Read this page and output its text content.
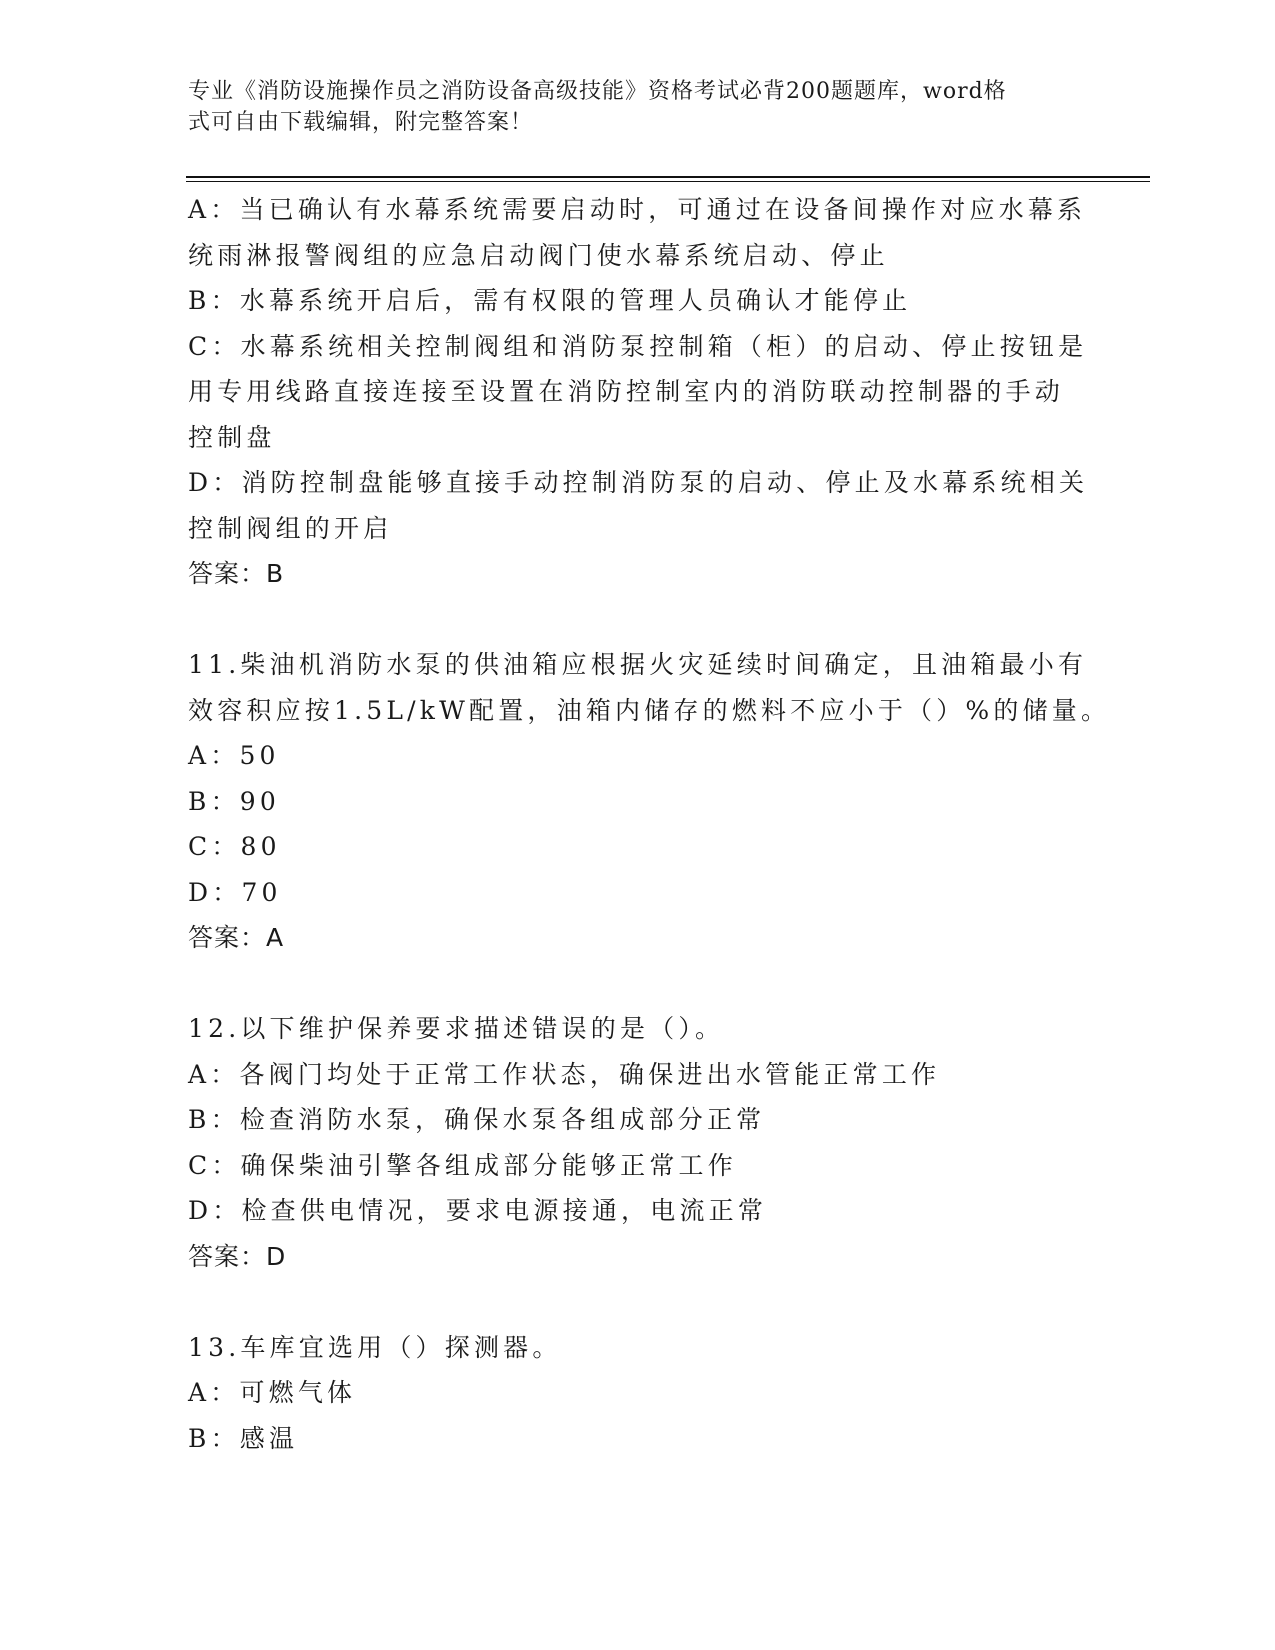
专业《消防设施操作员之消防设备高级技能》资格考试必背200题题库，word格
式可自由下载编辑，附完整答案！
A：当已确认有水幕系统需要启动时，可通过在设备间操作对应水幕系
统雨淋报警阀组的应急启动阀门使水幕系统启动、停止
B：水幕系统开启后，需有权限的管理人员确认才能停止
C：水幕系统相关控制阀组和消防泵控制箱（柜）的启动、停止按钮是
用专用线路直接连接至设置在消防控制室内的消防联动控制器的手动
控制盘
D：消防控制盘能够直接手动控制消防泵的启动、停止及水幕系统相关
控制阀组的开启
答案：B
11.柴油机消防水泵的供油箱应根据火灾延续时间确定，且油箱最小有
效容积应按1.5L/kW配置，油箱内储存的燃料不应小于（）%的储量。
A：50
B：90
C：80
D：70
答案：A
12.以下维护保养要求描述错误的是（）。
A：各阀门均处于正常工作状态，确保进出水管能正常工作
B：检查消防水泵，确保水泵各组成部分正常
C：确保柴油引擎各组成部分能够正常工作
D：检查供电情况，要求电源接通，电流正常
答案：D
13.车库宜选用（）探测器。
A：可燃气体
B：感温
